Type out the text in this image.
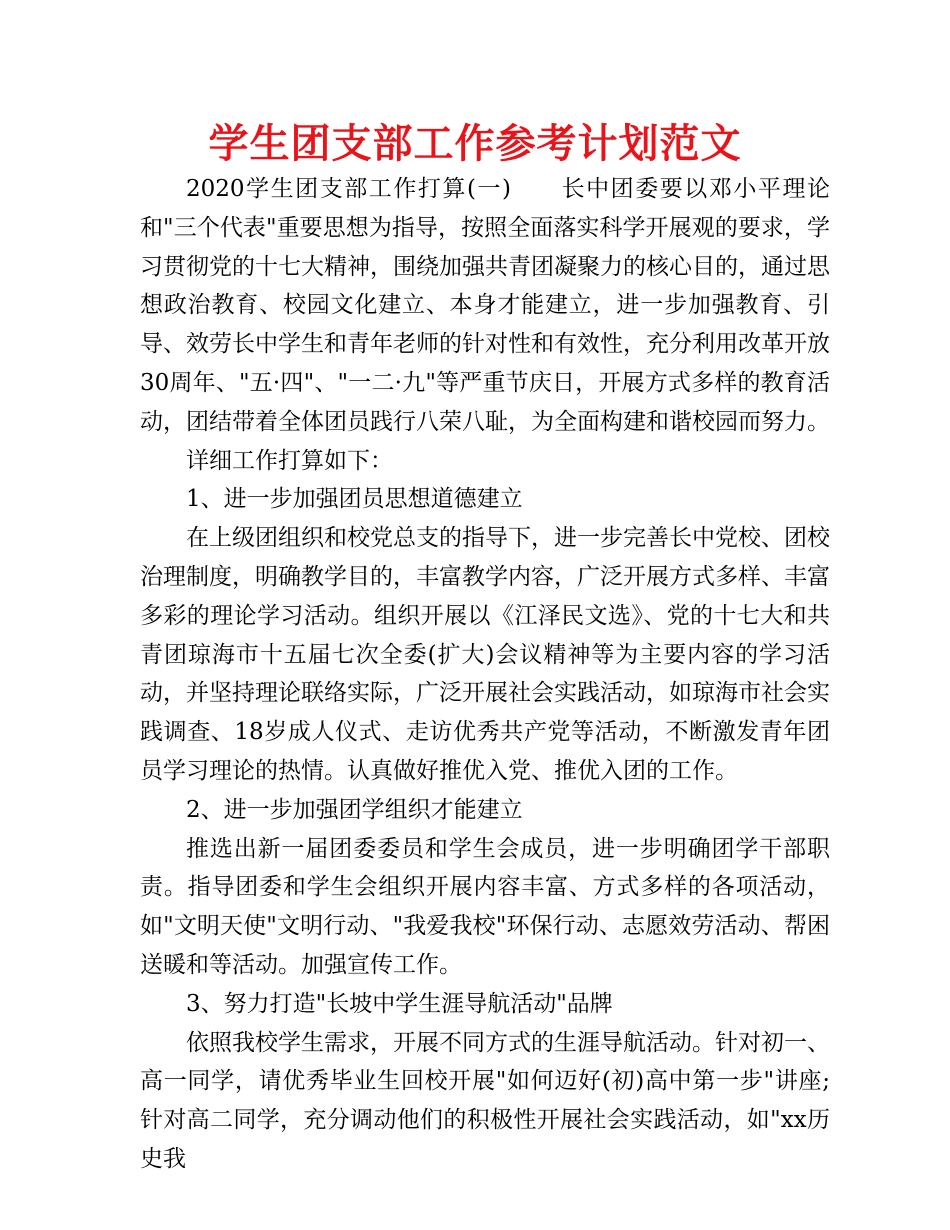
学生团支部工作参考计划范文

2020学生团支部工作打算(一)　　长中团委要以邓小平理论和"三个代表"重要思想为指导，按照全面落实科学开展观的要求，学习贯彻党的十七大精神，围绕加强共青团凝聚力的核心目的，通过思想政治教育、校园文化建立、本身才能建立，进一步加强教育、引导、效劳长中学生和青年老师的针对性和有效性，充分利用改革开放30周年、"五·四"、"一二·九"等严重节庆日，开展方式多样的教育活动，团结带着全体团员践行八荣八耻，为全面构建和谐校园而努力。

详细工作打算如下：

1、进一步加强团员思想道德建立

在上级团组织和校党总支的指导下，进一步完善长中党校、团校治理制度，明确教学目的，丰富教学内容，广泛开展方式多样、丰富多彩的理论学习活动。组织开展以《江泽民文选》、党的十七大和共青团琼海市十五届七次全委(扩大)会议精神等为主要内容的学习活动，并坚持理论联络实际，广泛开展社会实践活动，如琼海市社会实践调查、18岁成人仪式、走访优秀共产党等活动，不断激发青年团员学习理论的热情。认真做好推优入党、推优入团的工作。

2、进一步加强团学组织才能建立

推选出新一届团委委员和学生会成员，进一步明确团学干部职责。指导团委和学生会组织开展内容丰富、方式多样的各项活动，如"文明天使"文明行动、"我爱我校"环保行动、志愿效劳活动、帮困送暖和等活动。加强宣传工作。

3、努力打造"长坡中学生涯导航活动"品牌

依照我校学生需求，开展不同方式的生涯导航活动。针对初一、高一同学，请优秀毕业生回校开展"如何迈好(初)高中第一步"讲座;针对高二同学，充分调动他们的积极性开展社会实践活动，如"xx历史我
